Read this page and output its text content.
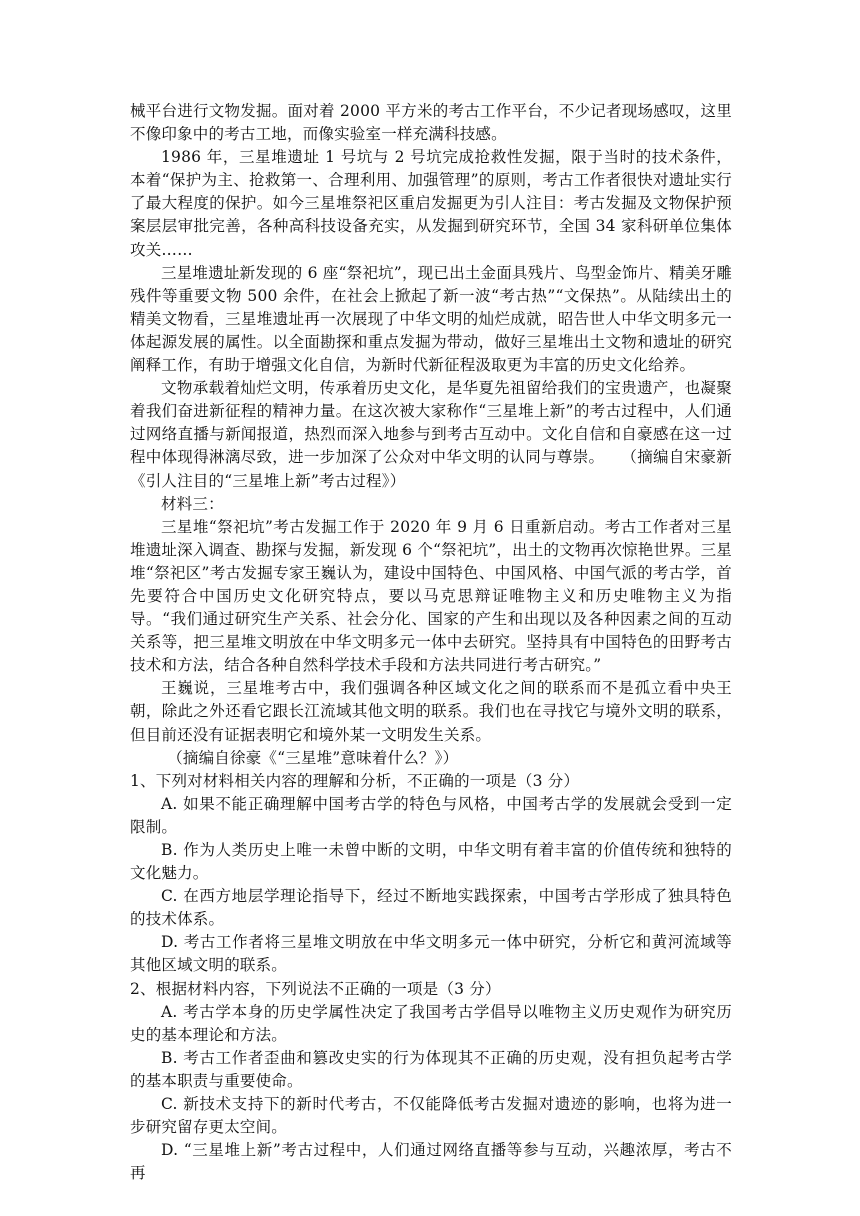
械平台进行文物发掘。面对着 2000 平方米的考古工作平台，不少记者现场感叹，这里不像印象中的考古工地，而像实验室一样充满科技感。

1986 年，三星堆遗址 1 号坑与 2 号坑完成抢救性发掘，限于当时的技术条件，本着“保护为主、抢救第一、合理利用、加强管理”的原则，考古工作者很快对遗址实行了最大程度的保护。如今三星堆祭祀区重启发掘更为引人注目：考古发掘及文物保护预案层层审批完善，各种高科技设备充实，从发掘到研究环节，全国 34 家科研单位集体攻关……

三星堆遗址新发现的 6 座“祭祀坑”，现已出土金面具残片、鸟型金饰片、精美牙雕残件等重要文物 500 余件，在社会上掀起了新一波“考古热”“文保热”。从陆续出土的精美文物看，三星堆遗址再一次展现了中华文明的灿烂成就，昭告世人中华文明多元一体起源发展的属性。以全面勘探和重点发掘为带动，做好三星堆出土文物和遗址的研究阐释工作，有助于增强文化自信，为新时代新征程汲取更为丰富的历史文化给养。

文物承载着灿烂文明，传承着历史文化，是华夏先祖留给我们的宝贵遗产，也凝聚着我们奋进新征程的精神力量。在这次被大家称作“三星堆上新”的考古过程中，人们通过网络直播与新闻报道，热烈而深入地参与到考古互动中。文化自信和自豪感在这一过程中体现得淋漓尽致，进一步加深了公众对中华文明的认同与尊崇。 （摘编自宋豪新《引人注目的“三星堆上新”考古过程》）

材料三：

三星堆“祭祀坑”考古发掘工作于 2020 年 9 月 6 日重新启动。考古工作者对三星堆遗址深入调查、勘探与发掘，新发现 6 个“祭祀坑”，出土的文物再次惊艳世界。三星堆“祭祀区”考古发掘专家王巍认为，建设中国特色、中国风格、中国气派的考古学，首先要符合中国历史文化研究特点，要以马克思辩证唯物主义和历史唯物主义为指导。“我们通过研究生产关系、社会分化、国家的产生和出现以及各种因素之间的互动关系等，把三星堆文明放在中华文明多元一体中去研究。坚持具有中国特色的田野考古技术和方法，结合各种自然科学技术手段和方法共同进行考古研究。”

王巍说，三星堆考古中，我们强调各种区域文化之间的联系而不是孤立看中央王朝，除此之外还看它跟长江流域其他文明的联系。我们也在寻找它与境外文明的联系，但目前还没有证据表明它和境外某一文明发生关系。

（摘编自徐豪《“三星堆”意味着什么？》）

1、下列对材料相关内容的理解和分析，不正确的一项是（3 分）

A. 如果不能正确理解中国考古学的特色与风格，中国考古学的发展就会受到一定限制。

B. 作为人类历史上唯一未曾中断的文明，中华文明有着丰富的价值传统和独特的文化魅力。

C. 在西方地层学理论指导下，经过不断地实践探索，中国考古学形成了独具特色的技术体系。

D. 考古工作者将三星堆文明放在中华文明多元一体中研究，分析它和黄河流域等其他区域文明的联系。

2、根据材料内容，下列说法不正确的一项是（3 分）

A. 考古学本身的历史学属性决定了我国考古学倡导以唯物主义历史观作为研究历史的基本理论和方法。

B. 考古工作者歪曲和篡改史实的行为体现其不正确的历史观，没有担负起考古学的基本职责与重要使命。

C. 新技术支持下的新时代考古，不仅能降低考古发掘对遗迹的影响，也将为进一步研究留存更太空间。

D. “三星堆上新”考古过程中，人们通过网络直播等参与互动，兴趣浓厚，考古不再
